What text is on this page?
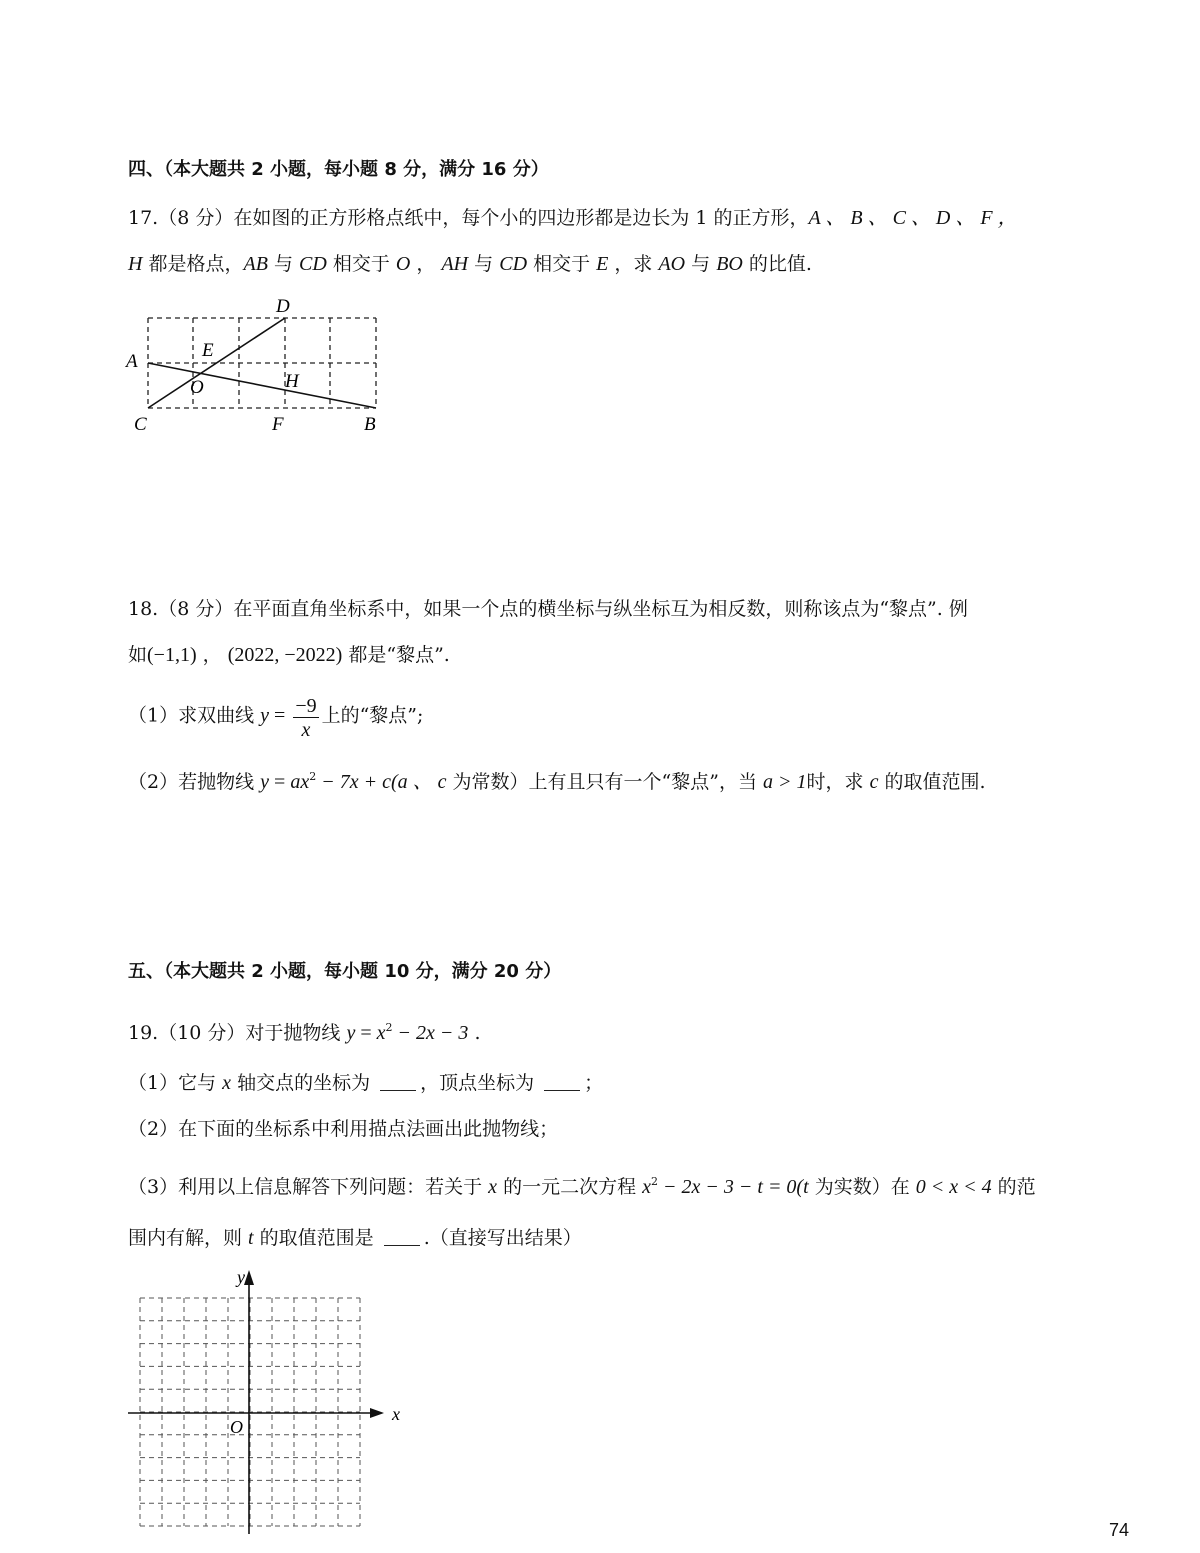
四、（本大题共 2 小题，每小题 8 分，满分 16 分）
17.（8 分）在如图的正方形格点纸中，每个小的四边形都是边长为 1 的正方形，A 、 B 、 C 、 D 、 F ，
H 都是格点，AB 与 CD 相交于 O ， AH 与 CD 相交于 E ，求 AO 与 BO 的比值.
A
B
C
D
E
F
H
O
18.（8 分）在平面直角坐标系中，如果一个点的横坐标与纵坐标互为相反数，则称该点为“黎点”. 例
如(−1,1) ， (2022, −2022) 都是“黎点”.
（1）求双曲线 $y = \frac{-9}{x}$ 上的“黎点”;
（2）若抛物线 $y = ax^2 - 7x + c(a$ 、 c 为常数）上有且只有一个“黎点”，当 a > 1时，求 c 的取值范围.
五、（本大题共 2 小题，每小题 10 分，满分 20 分）
19.（10 分）对于抛物线 $y = x^2 - 2x - 3$ .
（1）它与 x 轴交点的坐标为 ，顶点坐标为 ；
（2）在下面的坐标系中利用描点法画出此抛物线；
（3）利用以上信息解答下列问题：若关于 x 的一元二次方程 $x^2 - 2x - 3 - t = 0(t$ 为实数）在 0 < x < 4 的范
围内有解，则 t 的取值范围是 .（直接写出结果）
x
y
O
74
